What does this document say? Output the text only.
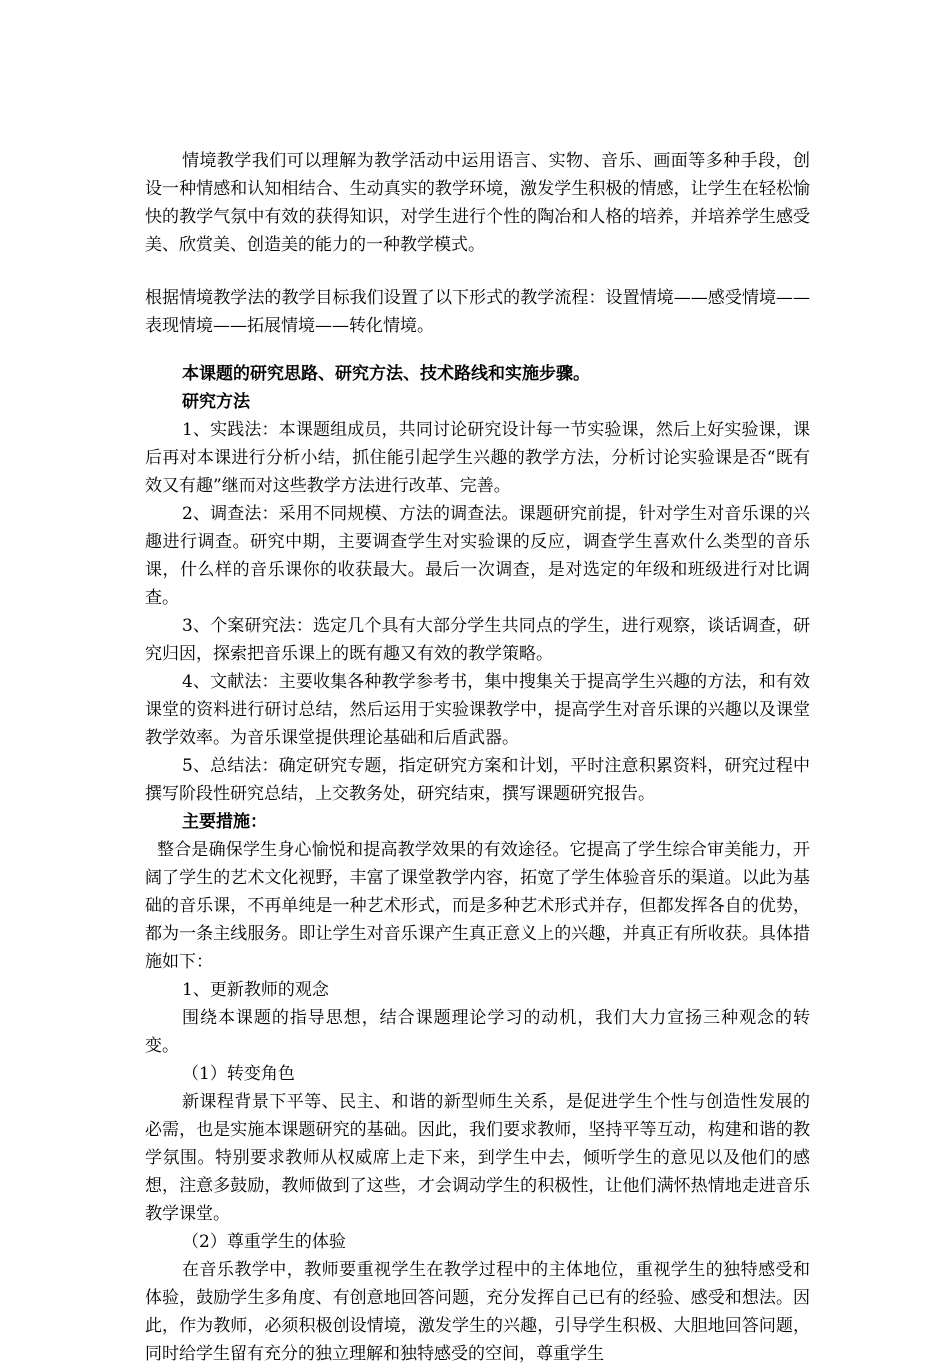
情境教学我们可以理解为教学活动中运用语言、实物、音乐、画面等多种手段，创设一种情感和认知相结合、生动真实的教学环境，激发学生积极的情感，让学生在轻松愉快的教学气氛中有效的获得知识，对学生进行个性的陶冶和人格的培养，并培养学生感受美、欣赏美、创造美的能力的一种教学模式。

根据情境教学法的教学目标我们设置了以下形式的教学流程：设置情境——感受情境——表现情境——拓展情境——转化情境。

本课题的研究思路、研究方法、技术路线和实施步骤。

研究方法

1、实践法：本课题组成员，共同讨论研究设计每一节实验课，然后上好实验课，课后再对本课进行分析小结，抓住能引起学生兴趣的教学方法，分析讨论实验课是否“既有效又有趣”继而对这些教学方法进行改革、完善。

2、调查法：采用不同规模、方法的调查法。课题研究前提，针对学生对音乐课的兴趣进行调查。研究中期，主要调查学生对实验课的反应，调查学生喜欢什么类型的音乐课，什么样的音乐课你的收获最大。最后一次调查，是对选定的年级和班级进行对比调查。

3、个案研究法：选定几个具有大部分学生共同点的学生，进行观察，谈话调查，研究归因，探索把音乐课上的既有趣又有效的教学策略。

4、文献法：主要收集各种教学参考书，集中搜集关于提高学生兴趣的方法，和有效课堂的资料进行研讨总结，然后运用于实验课教学中，提高学生对音乐课的兴趣以及课堂教学效率。为音乐课堂提供理论基础和后盾武器。

5、总结法：确定研究专题，指定研究方案和计划，平时注意积累资料，研究过程中撰写阶段性研究总结，上交教务处，研究结束，撰写课题研究报告。

主要措施：

整合是确保学生身心愉悦和提高教学效果的有效途径。它提高了学生综合审美能力，开阔了学生的艺术文化视野，丰富了课堂教学内容，拓宽了学生体验音乐的渠道。以此为基础的音乐课，不再单纯是一种艺术形式，而是多种艺术形式并存，但都发挥各自的优势，都为一条主线服务。即让学生对音乐课产生真正意义上的兴趣，并真正有所收获。具体措施如下：

1、更新教师的观念

围绕本课题的指导思想，结合课题理论学习的动机，我们大力宣扬三种观念的转变。

（1）转变角色

新课程背景下平等、民主、和谐的新型师生关系，是促进学生个性与创造性发展的必需，也是实施本课题研究的基础。因此，我们要求教师，坚持平等互动，构建和谐的教学氛围。特别要求教师从权威席上走下来，到学生中去，倾听学生的意见以及他们的感想，注意多鼓励，教师做到了这些，才会调动学生的积极性，让他们满怀热情地走进音乐教学课堂。

（2）尊重学生的体验

在音乐教学中，教师要重视学生在教学过程中的主体地位，重视学生的独特感受和体验，鼓励学生多角度、有创意地回答问题，充分发挥自己已有的经验、感受和想法。因此，作为教师，必须积极创设情境，激发学生的兴趣，引导学生积极、大胆地回答问题，同时给学生留有充分的独立理解和独特感受的空间，尊重学生
